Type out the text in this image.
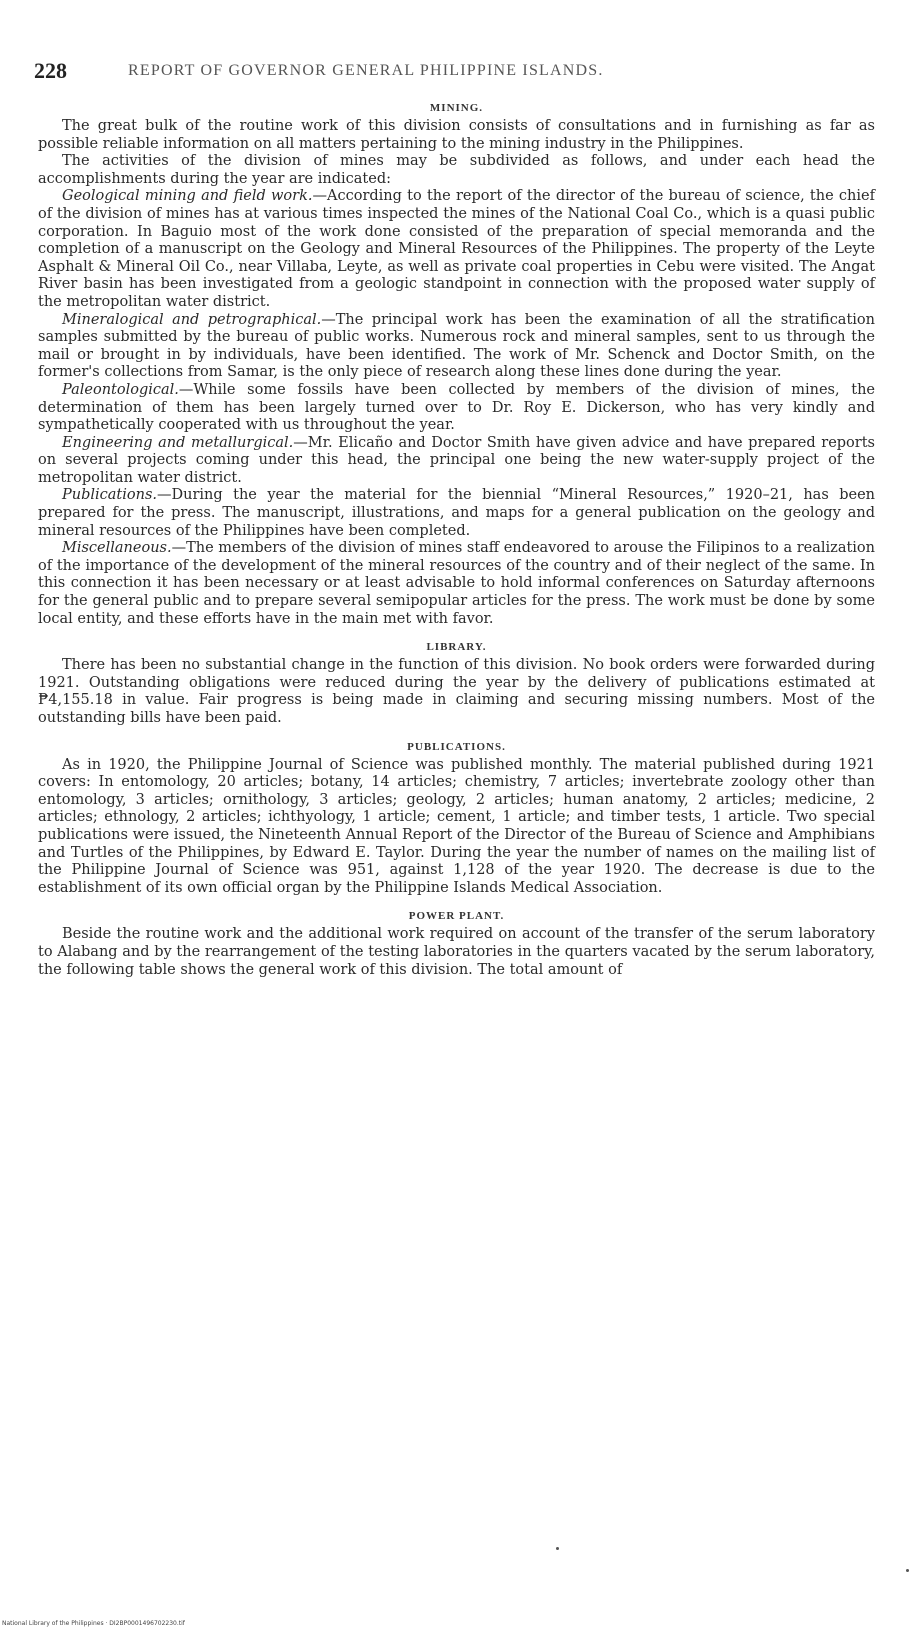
228	REPORT OF GOVERNOR GENERAL PHILIPPINE ISLANDS.
MINING.

The great bulk of the routine work of this division consists of consultations and in furnishing as far as possible reliable information on all matters pertaining to the mining industry in the Philippines.

The activities of the division of mines may be subdivided as follows, and under each head the accomplishments during the year are indicated:

Geological mining and field work.—According to the report of the director of the bureau of science, the chief of the division of mines has at various times inspected the mines of the National Coal Co., which is a quasi public corporation. In Baguio most of the work done consisted of the preparation of special memoranda and the completion of a manuscript on the Geology and Mineral Resources of the Philippines. The property of the Leyte Asphalt & Mineral Oil Co., near Villaba, Leyte, as well as private coal properties in Cebu were visited. The Angat River basin has been investigated from a geologic standpoint in connection with the proposed water supply of the metropolitan water district.

Mineralogical and petrographical.—The principal work has been the examination of all the stratification samples submitted by the bureau of public works. Numerous rock and mineral samples, sent to us through the mail or brought in by individuals, have been identified. The work of Mr. Schenck and Doctor Smith, on the former's collections from Samar, is the only piece of research along these lines done during the year.

Paleontological.—While some fossils have been collected by members of the division of mines, the determination of them has been largely turned over to Dr. Roy E. Dickerson, who has very kindly and sympathetically cooperated with us throughout the year.

Engineering and metallurgical.—Mr. Elicaño and Doctor Smith have given advice and have prepared reports on several projects coming under this head, the principal one being the new water-supply project of the metropolitan water district.

Publications.—During the year the material for the biennial “Mineral Resources,” 1920–21, has been prepared for the press. The manuscript, illustrations, and maps for a general publication on the geology and mineral resources of the Philippines have been completed.

Miscellaneous.—The members of the division of mines staff endeavored to arouse the Filipinos to a realization of the importance of the development of the mineral resources of the country and of their neglect of the same. In this connection it has been necessary or at least advisable to hold informal conferences on Saturday afternoons for the general public and to prepare several semipopular articles for the press. The work must be done by some local entity, and these efforts have in the main met with favor.

LIBRARY.

There has been no substantial change in the function of this division. No book orders were forwarded during 1921. Outstanding obligations were reduced during the year by the delivery of publications estimated at ₱4,155.18 in value. Fair progress is being made in claiming and securing missing numbers. Most of the outstanding bills have been paid.

PUBLICATIONS.

As in 1920, the Philippine Journal of Science was published monthly. The material published during 1921 covers: In entomology, 20 articles; botany, 14 articles; chemistry, 7 articles; invertebrate zoology other than entomology, 3 articles; ornithology, 3 articles; geology, 2 articles; human anatomy, 2 articles; medicine, 2 articles; ethnology, 2 articles; ichthyology, 1 article; cement, 1 article; and timber tests, 1 article. Two special publications were issued, the Nineteenth Annual Report of the Director of the Bureau of Science and Amphibians and Turtles of the Philippines, by Edward E. Taylor. During the year the number of names on the mailing list of the Philippine Journal of Science was 951, against 1,128 of the year 1920. The decrease is due to the establishment of its own official organ by the Philippine Islands Medical Association.

POWER PLANT.

Beside the routine work and the additional work required on account of the transfer of the serum laboratory to Alabang and by the rearrangement of the testing laboratories in the quarters vacated by the serum laboratory, the following table shows the general work of this division. The total amount of

National Library of the Philippines · DI2BP0001496702230.tif
